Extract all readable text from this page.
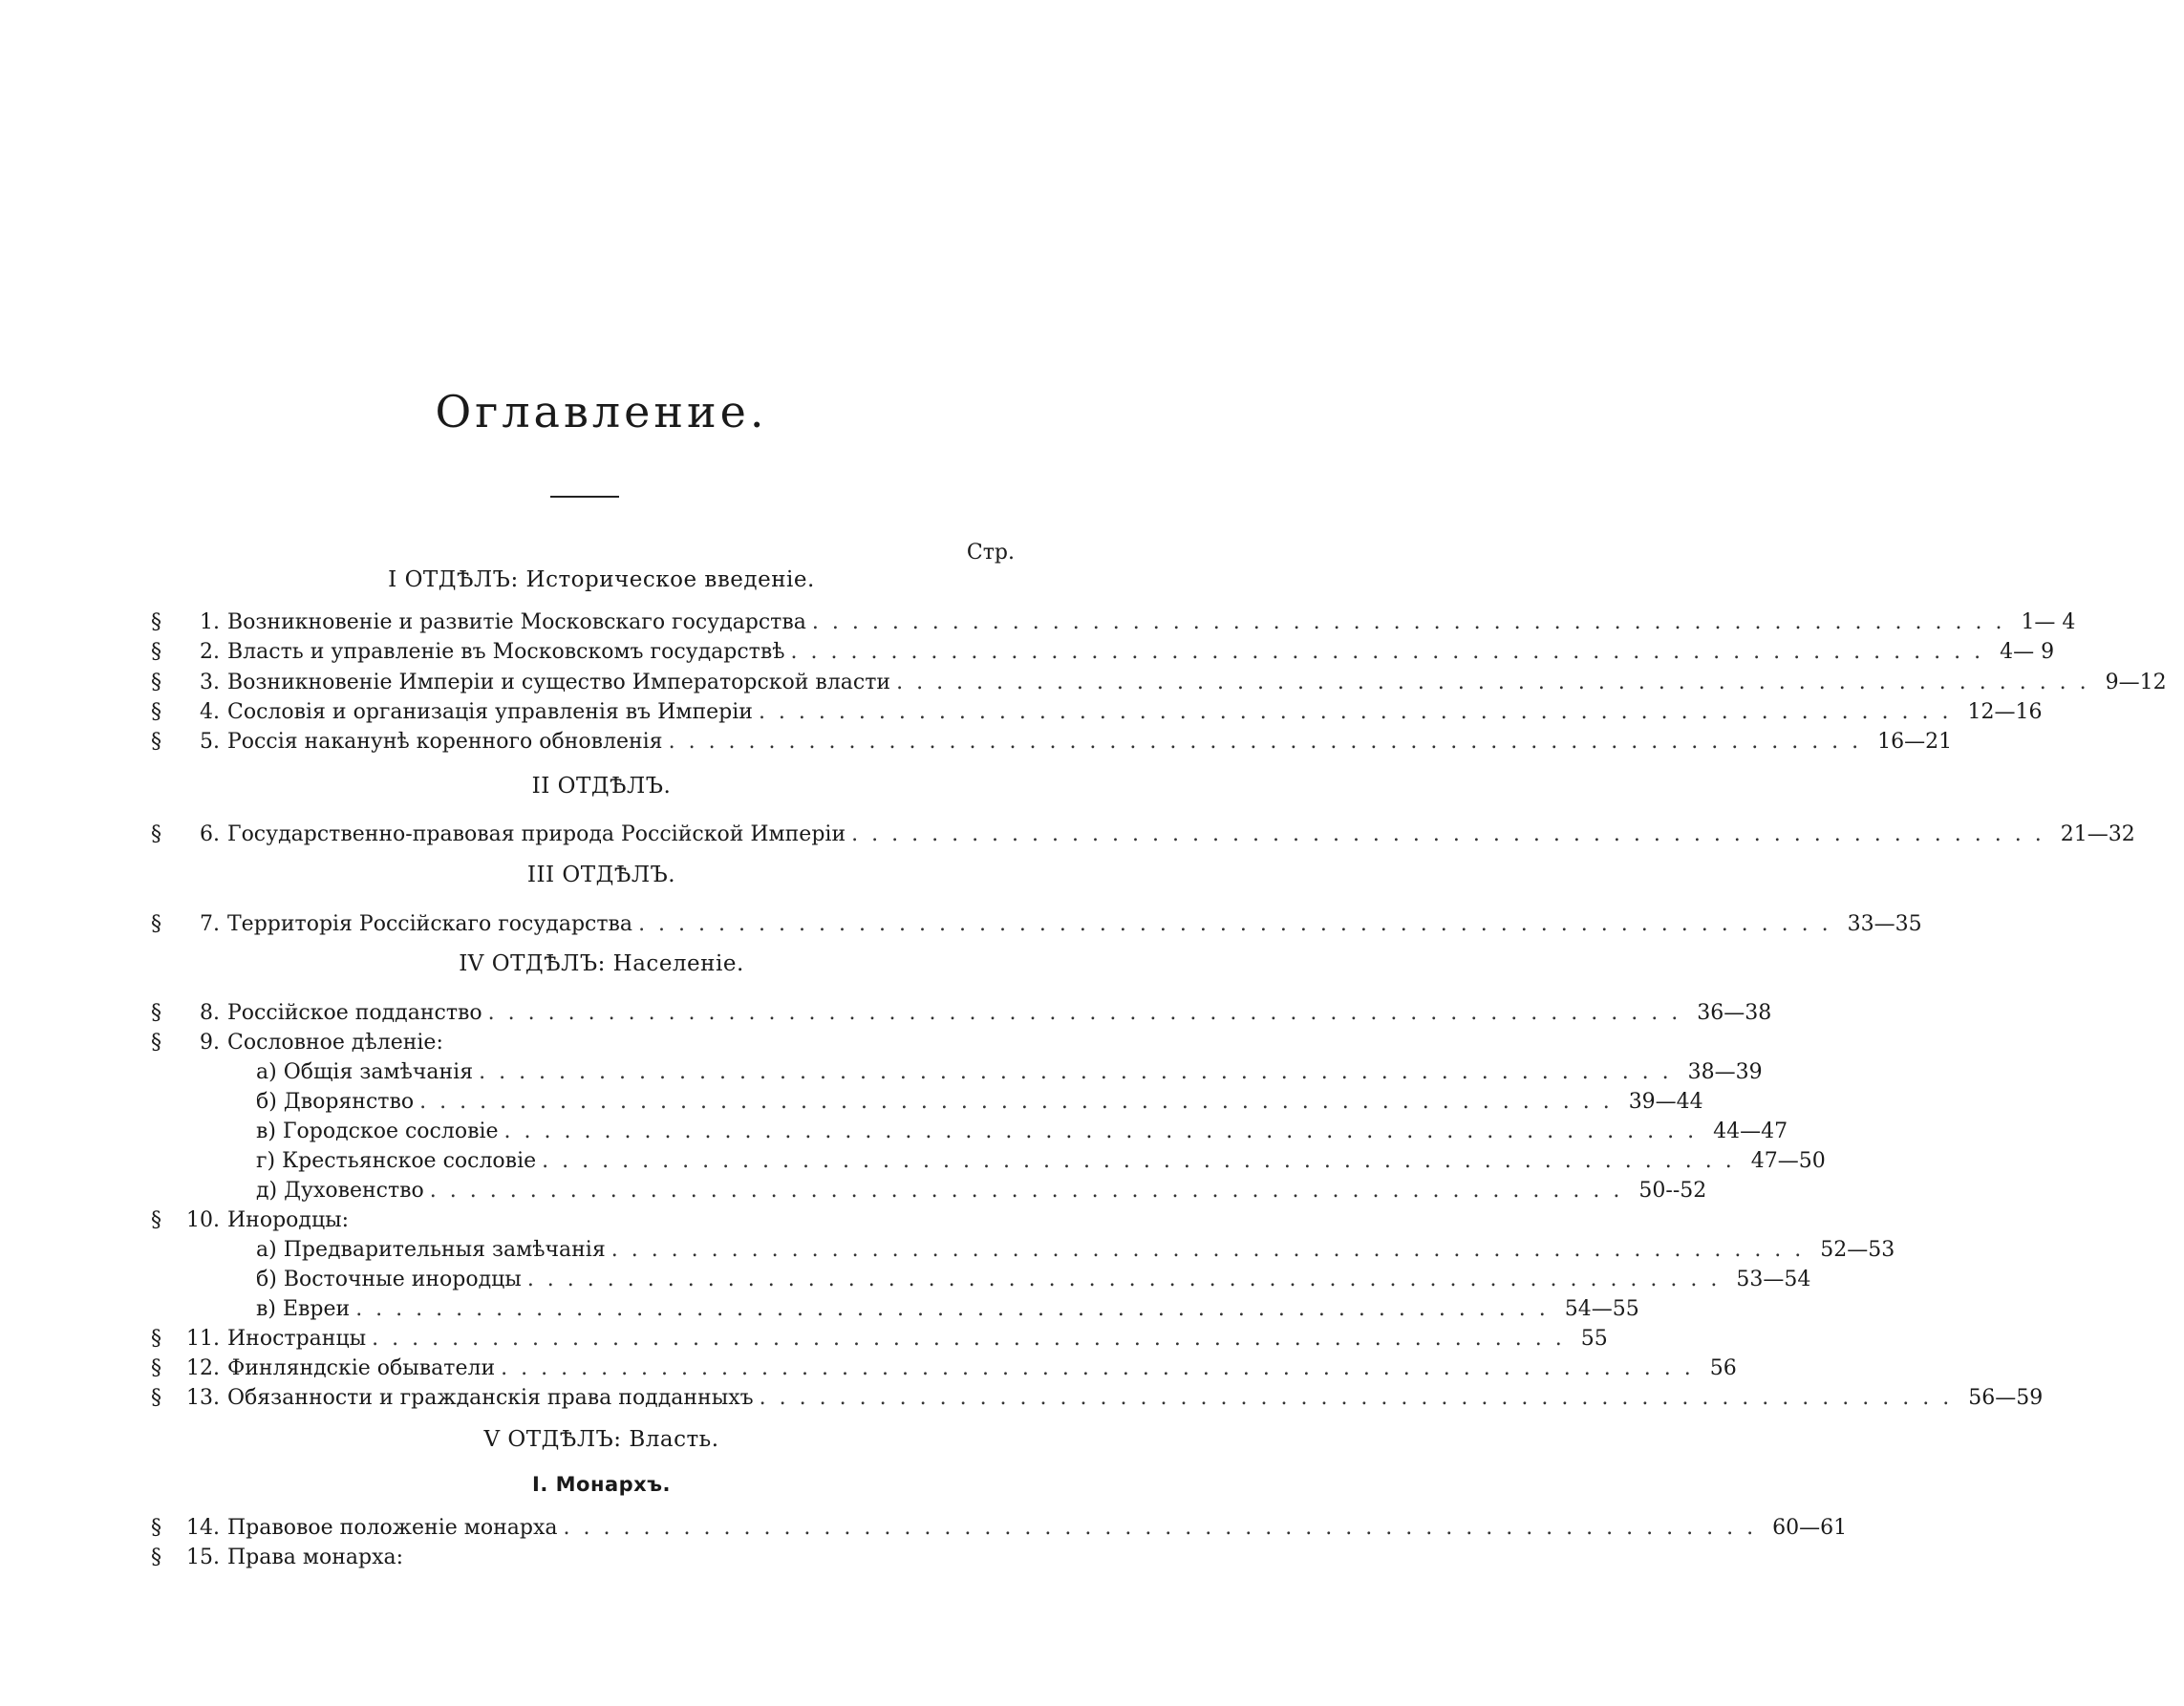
Оглавление.
Стр.
I ОТДѢЛЪ: Историческое введенiе.
II ОТДѢЛЪ.
III ОТДѢЛЪ.
IV ОТДѢЛЪ: Населенiе.
V ОТДѢЛЪ: Власть.
I. Монархъ.
§	1. Возникновенiе и развитiе Московскаго государства ............................................................ 1— 4
§	2. Власть и управленiе въ Московскомъ государствѣ ............................................................ 4— 9
§	3. Возникновенiе Имперiи и существо Императорской власти ............................................................ 9—12
§	4. Сословiя и организацiя управленiя въ Имперiи ............................................................ 12—16
§	5. Россiя наканунѣ коренного обновленiя ............................................................ 16—21
§	6. Государственно-правовая природа Россiйской Имперiи ............................................................ 21—32
§	7. Территорiя Россiйскаго государства ............................................................ 33—35
§	8. Россiйское подданство ............................................................ 36—38
§	9. Сословное дѣленiе:
а) Общiя замѣчанiя ............................................................ 38—39
б) Дворянство ............................................................ 39—44
в) Городское сословiе ............................................................ 44—47
г) Крестьянское сословiе ............................................................ 47—50
д) Духовенство ............................................................ 50--52
§	10. Инородцы:
а) Предварительныя замѣчанiя ............................................................ 52—53
б) Восточные инородцы ............................................................ 53—54
в) Евреи ............................................................ 54—55
§	11. Иностранцы ............................................................ 55
§	12. Финляндскiе обыватели ............................................................ 56
§	13. Обязанности и гражданскiя права подданныхъ ............................................................ 56—59
§	14. Правовое положенiе монарха ............................................................ 60—61
§	15. Права монарха:
